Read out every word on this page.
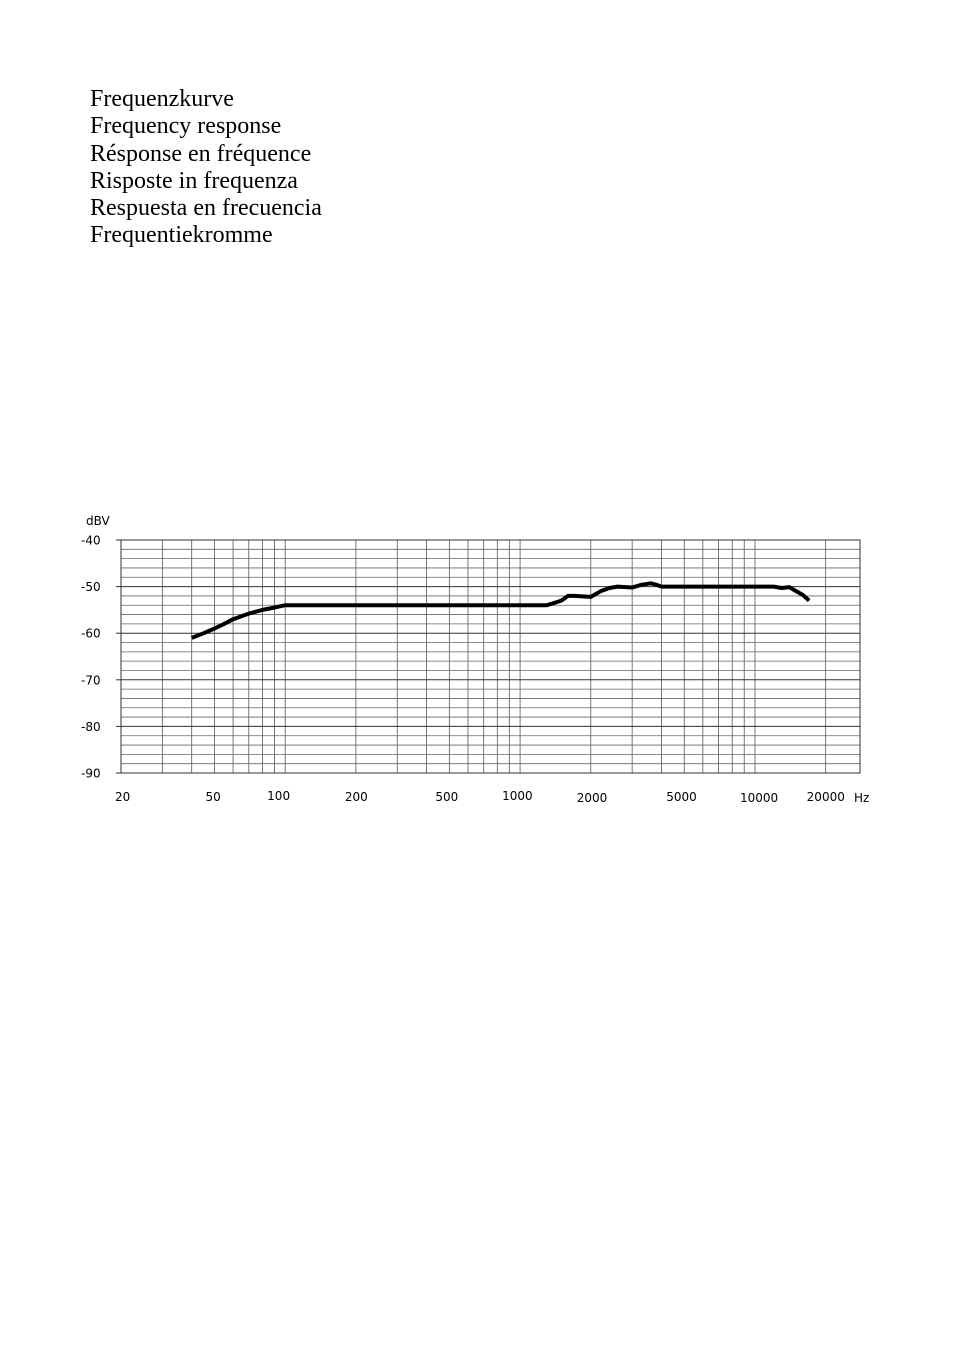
Frequenzkurve
Frequency response
Résponse en fréquence
Risposte in frequenza
Respuesta en frecuencia
Frequentiekromme
-40
-50
-60
-70
-80
-90
20	50	100	200	500	1000	2000	5000	10000 20000
dBV
Hz
